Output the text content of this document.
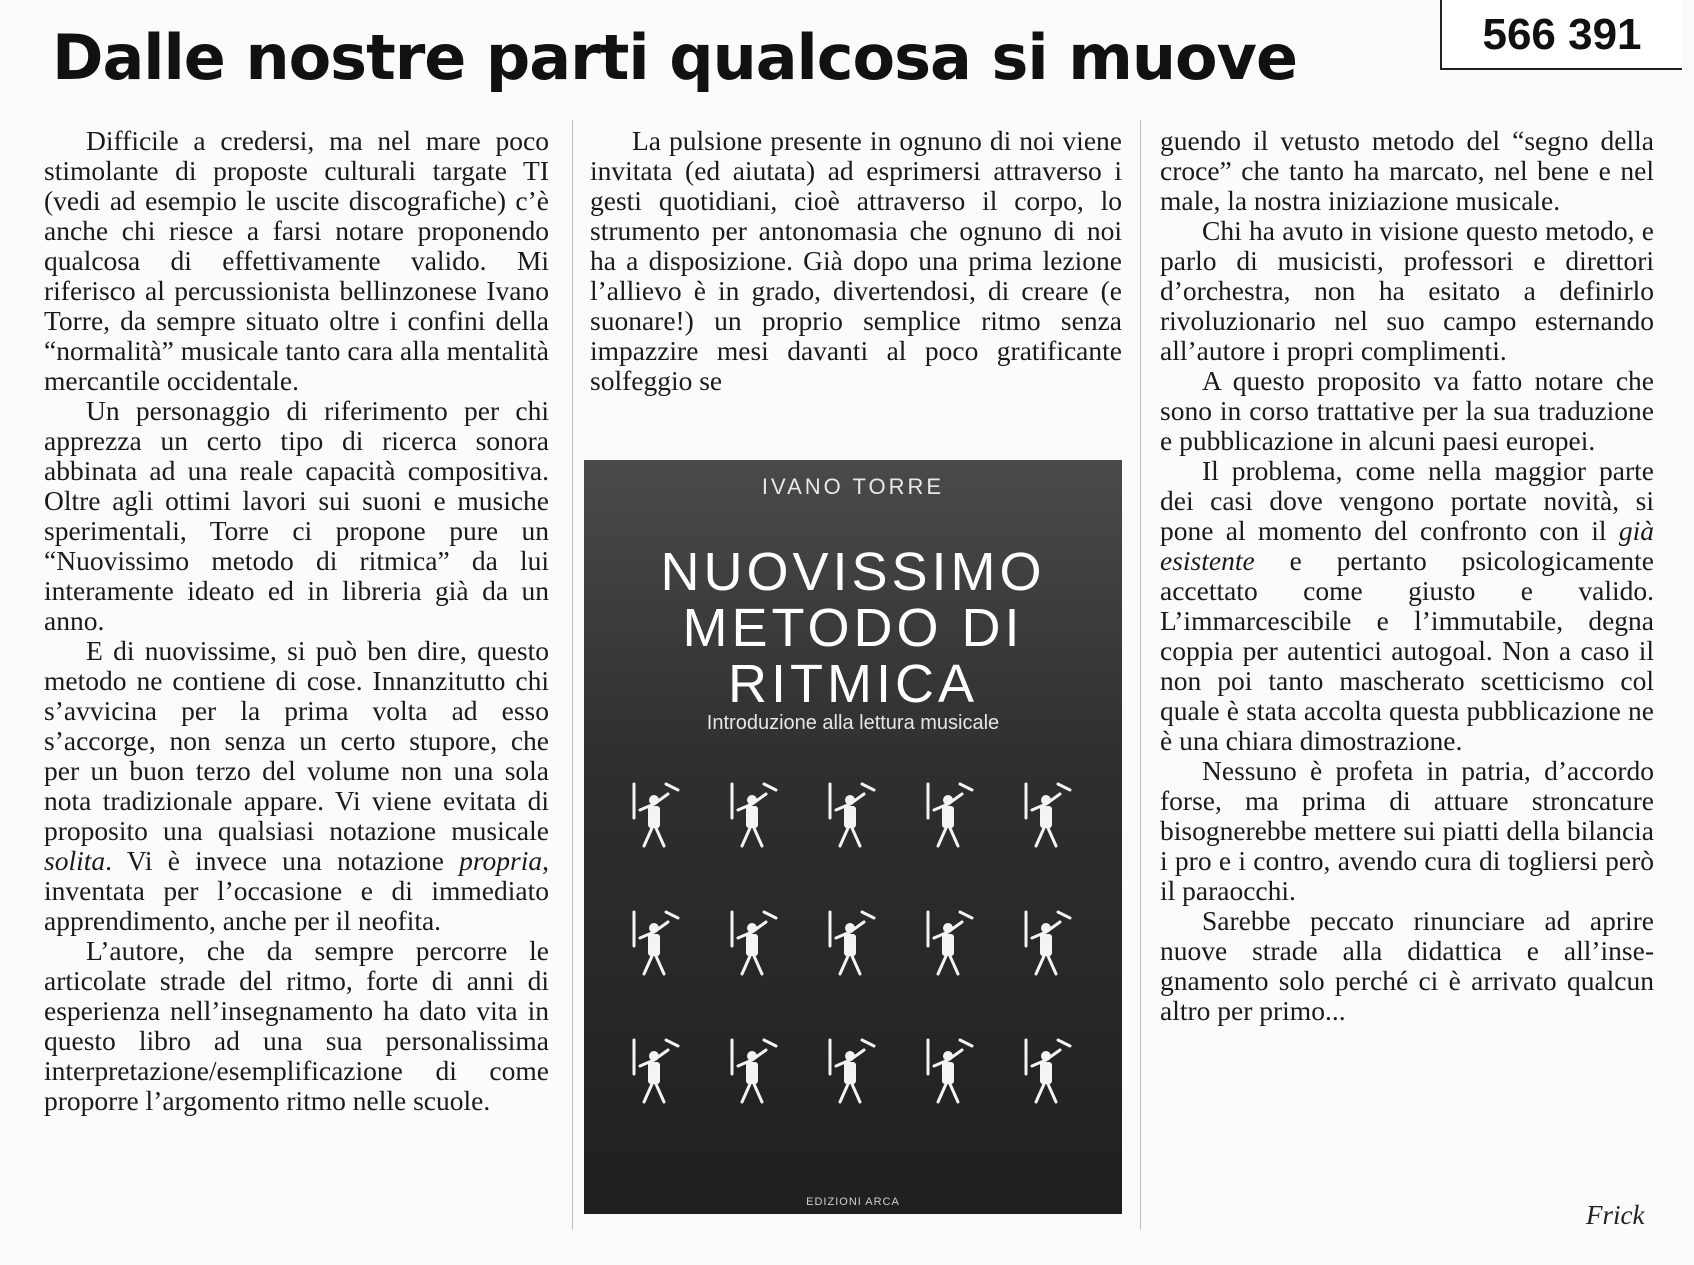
Dalle nostre parti qualcosa si muove	566 391

Difficile a credersi, ma nel mare poco stimolante di proposte culturali targate TI (vedi ad esempio le uscite discografiche) c’è anche chi riesce a farsi notare proponendo qualcosa di effettivamente valido. Mi riferisco al percussionista bellinzonese Ivano Torre, da sempre situato oltre i confini della “normalità” musicale tanto cara alla mentalità mercantile occidentale.

Un personaggio di riferimento per chi apprezza un certo tipo di ricerca sonora abbinata ad una reale capacità compositiva. Oltre agli ottimi lavori sui suoni e musiche sperimentali, Torre ci propone pure un “Nuovissimo metodo di ritmica” da lui interamente ideato ed in libreria già da un anno.

E di nuovissime, si può ben dire, questo metodo ne contiene di cose. Innanzitutto chi s’avvicina per la prima volta ad esso s’accorge, non senza un certo stupore, che per un buon terzo del volume non una sola nota tradizionale appare. Vi viene evitata di proposito una qualsiasi notazione musicale solita. Vi è invece una notazione propria, inventata per l’occasione e di immediato apprendimento, anche per il neofita.

L’autore, che da sempre percorre le articolate strade del ritmo, forte di anni di esperienza nell’insegnamento ha dato vita in questo libro ad una sua personalissima interpretazione/esemplificazione di come proporre l’argomento ritmo nelle scuole.

La pulsione presente in ognuno di noi viene invitata (ed aiutata) ad esprimersi attraverso i gesti quotidiani, cioè attraverso il corpo, lo strumento per antonomasia che ognuno di noi ha a disposizione. Già dopo una prima lezione l’allievo è in grado, divertendosi, di creare (e suonare!) un proprio semplice ritmo senza impazzire mesi davanti al poco gratificante solfeggio se

IVANO TORRE
NUOVISSIMO
METODO DI
RITMICA
Introduzione alla lettura musicale
EDIZIONI ARCA

guendo il vetusto metodo del “segno della croce” che tanto ha marcato, nel bene e nel male, la nostra iniziazione musicale.

Chi ha avuto in visione questo metodo, e parlo di musicisti, professori e direttori d’orchestra, non ha esitato a definirlo rivoluzionario nel suo campo esternando all’autore i propri complimenti.

A questo proposito va fatto notare che sono in corso trattative per la sua traduzione e pubblicazione in alcuni paesi europei.

Il problema, come nella maggior parte dei casi dove vengono portate novità, si pone al momento del confronto con il già esistente e pertanto psicologicamente accettato come giusto e valido. L’immarcescibile e l’immutabile, degna coppia per autentici autogoal. Non a caso il non poi tanto mascherato scetticismo col quale è stata accolta questa pubblicazione ne è una chiara dimostrazione.

Nessuno è profeta in patria, d’accordo forse, ma prima di attuare stroncature bisognerebbe mettere sui piatti della bilancia i pro e i contro, avendo cura di togliersi però il paraocchi.

Sarebbe peccato rinunciare ad aprire nuove strade alla didattica e all’insegnamento solo perché ci è arrivato qualcun altro per primo...

Frick
